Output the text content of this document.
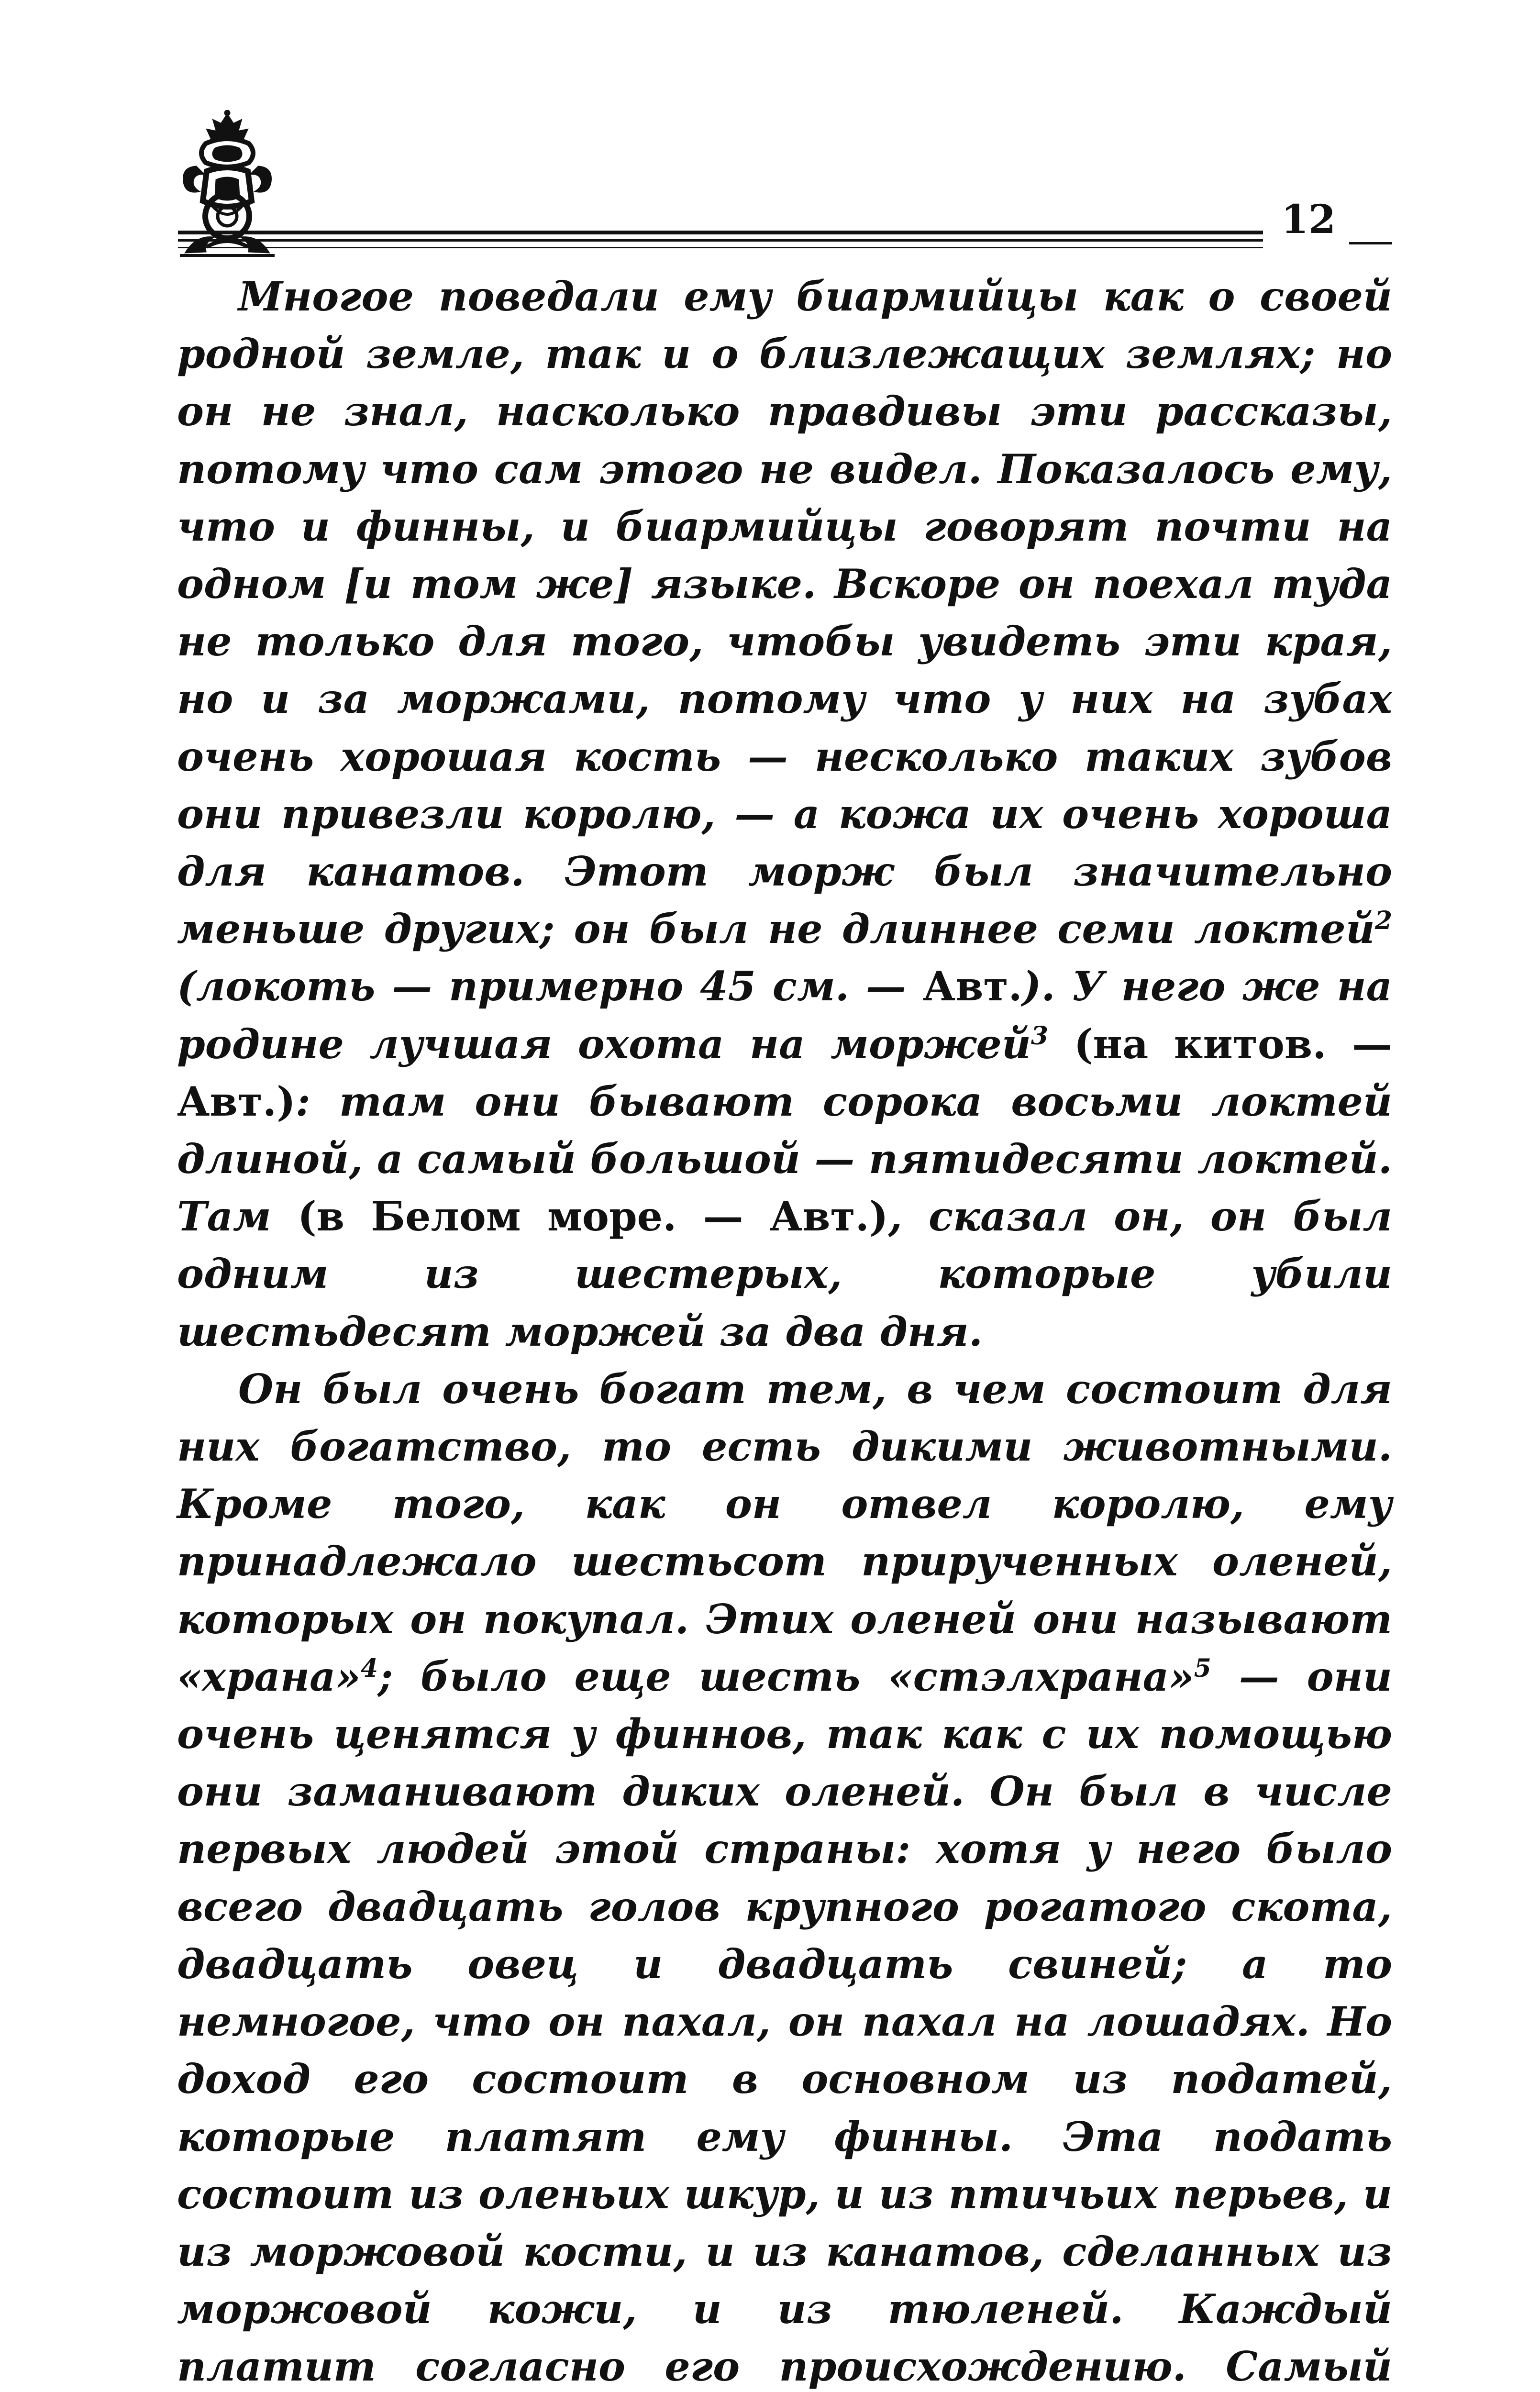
12

Многое поведали ему биармийцы как о своей родной земле, так и о близлежащих землях; но он не знал, насколько правдивы эти рассказы, потому что сам этого не видел. Показалось ему, что и финны, и биармийцы говорят почти на одном [и том же] языке. Вскоре он поехал туда не только для того, чтобы увидеть эти края, но и за моржами, потому что у них на зубах очень хорошая кость — несколько таких зубов они привезли королю, — а кожа их очень хороша для канатов. Этот морж был значительно меньше других; он был не длиннее семи локтей$^2$ (локоть — примерно 45 см. — Авт.). У него же на родине лучшая охота на моржей$^3$ (на китов. — Авт.): там они бывают сорока восьми локтей длиной, а самый большой — пятидесяти локтей. Там (в Белом море. — Авт.), сказал он, он был одним из шестерых, которые убили шестьдесят моржей за два дня.

Он был очень богат тем, в чем состоит для них богатство, то есть дикими животными. Кроме того, как он отвел королю, ему принадлежало шестьсот прирученных оленей, которых он покупал. Этих оленей они называют «храна»$^4$; было еще шесть «стэлхрана»$^5$ — они очень ценятся у финнов, так как с их помощью они заманивают диких оленей. Он был в числе первых людей этой страны: хотя у него было всего двадцать голов крупного рогатого скота, двадцать овец и двадцать свиней; а то немногое, что он пахал, он пахал на лошадях. Но доход его состоит в основном из податей, которые платят ему финны. Эта подать состоит из оленьих шкур, и из птичьих перьев, и из моржовой кости, и из канатов, сделанных из моржовой кожи, и из тюленей. Каждый платит согласно его происхождению. Самый
